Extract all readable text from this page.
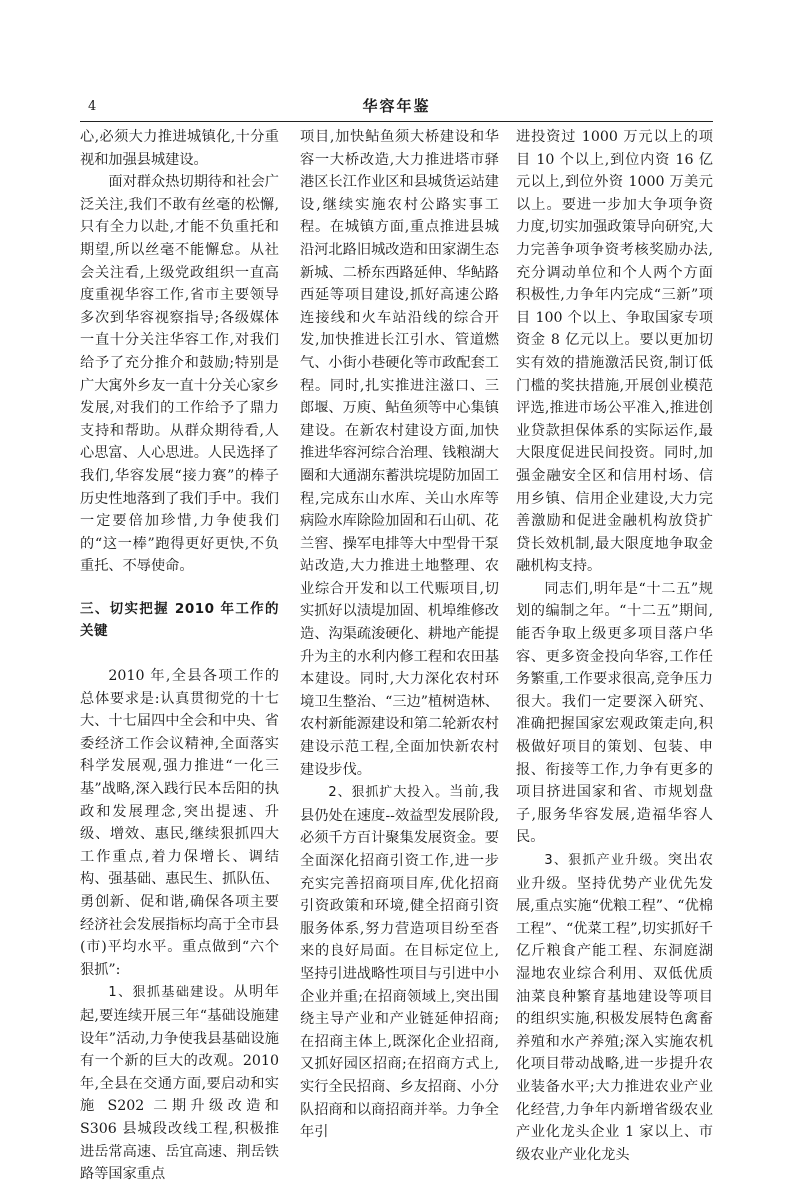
4	华容年鉴

心,必须大力推进城镇化,十分重视和加强县城建设。

面对群众热切期待和社会广泛关注,我们不敢有丝毫的松懈,只有全力以赴,才能不负重托和期望,所以丝毫不能懈怠。从社会关注看,上级党政组织一直高度重视华容工作,省市主要领导多次到华容视察指导;各级媒体一直十分关注华容工作,对我们给予了充分推介和鼓励;特别是广大寓外乡友一直十分关心家乡发展,对我们的工作给予了鼎力支持和帮助。从群众期待看,人心思富、人心思进。人民选择了我们,华容发展“接力赛”的棒子历史性地落到了我们手中。我们一定要倍加珍惜,力争使我们的“这一棒”跑得更好更快,不负重托、不辱使命。

三、切实把握 2010 年工作的关键

2010 年,全县各项工作的总体要求是:认真贯彻党的十七大、十七届四中全会和中央、省委经济工作会议精神,全面落实科学发展观,强力推进“一化三基”战略,深入践行民本岳阳的执政和发展理念,突出提速、升级、增效、惠民,继续狠抓四大工作重点,着力保增长、调结构、强基础、惠民生、抓队伍、勇创新、促和谐,确保各项主要经济社会发展指标均高于全市县(市)平均水平。重点做到“六个狠抓”:

1、狠抓基础建设。从明年起,要连续开展三年“基础设施建设年”活动,力争使我县基础设施有一个新的巨大的改观。2010 年,全县在交通方面,要启动和实施 S202 二期升级改造和 S306 县城段改线工程,积极推进岳常高速、岳宜高速、荆岳铁路等国家重点

项目,加快鲇鱼须大桥建设和华容一大桥改造,大力推进塔市驿港区长江作业区和县城货运站建设,继续实施农村公路实事工程。在城镇方面,重点推进县城沿河北路旧城改造和田家湖生态新城、二桥东西路延伸、华鲇路西延等项目建设,抓好高速公路连接线和火车站沿线的综合开发,加快推进长江引水、管道燃气、小街小巷硬化等市政配套工程。同时,扎实推进注滋口、三郎堰、万庾、鲇鱼须等中心集镇建设。在新农村建设方面,加快推进华容河综合治理、钱粮湖大圈和大通湖东蓄洪垸堤防加固工程,完成东山水库、关山水库等病险水库除险加固和石山矶、花兰窖、操军电排等大中型骨干泵站改造,大力推进土地整理、农业综合开发和以工代赈项目,切实抓好以渍堤加固、机埠维修改造、沟渠疏浚硬化、耕地产能提升为主的水利内修工程和农田基本建设。同时,大力深化农村环境卫生整治、“三边”植树造林、农村新能源建设和第二轮新农村建设示范工程,全面加快新农村建设步伐。

2、狠抓扩大投入。当前,我县仍处在速度--效益型发展阶段,必须千方百计聚集发展资金。要全面深化招商引资工作,进一步充实完善招商项目库,优化招商引资政策和环境,健全招商引资服务体系,努力营造项目纷至沓来的良好局面。在目标定位上,坚持引进战略性项目与引进中小企业并重;在招商领域上,突出围绕主导产业和产业链延伸招商;在招商主体上,既深化企业招商,又抓好园区招商;在招商方式上,实行全民招商、乡友招商、小分队招商和以商招商并举。力争全年引

进投资过 1000 万元以上的项目 10 个以上,到位内资 16 亿元以上,到位外资 1000 万美元以上。要进一步加大争项争资力度,切实加强政策导向研究,大力完善争项争资考核奖励办法,充分调动单位和个人两个方面积极性,力争年内完成“三新”项目 100 个以上、争取国家专项资金 8 亿元以上。要以更加切实有效的措施激活民资,制订低门槛的奖扶措施,开展创业模范评选,推进市场公平准入,推进创业贷款担保体系的实际运作,最大限度促进民间投资。同时,加强金融安全区和信用村场、信用乡镇、信用企业建设,大力完善激励和促进金融机构放贷扩贷长效机制,最大限度地争取金融机构支持。

同志们,明年是“十二五”规划的编制之年。“十二五”期间,能否争取上级更多项目落户华容、更多资金投向华容,工作任务繁重,工作要求很高,竞争压力很大。我们一定要深入研究、准确把握国家宏观政策走向,积极做好项目的策划、包装、申报、衔接等工作,力争有更多的项目挤进国家和省、市规划盘子,服务华容发展,造福华容人民。

3、狠抓产业升级。突出农业升级。坚持优势产业优先发展,重点实施“优粮工程”、“优棉工程”、“优菜工程”,切实抓好千亿斤粮食产能工程、东洞庭湖湿地农业综合利用、双低优质油菜良种繁育基地建设等项目的组织实施,积极发展特色禽畜养殖和水产养殖;深入实施农机化项目带动战略,进一步提升农业装备水平;大力推进农业产业化经营,力争年内新增省级农业产业化龙头企业 1 家以上、市级农业产业化龙头
